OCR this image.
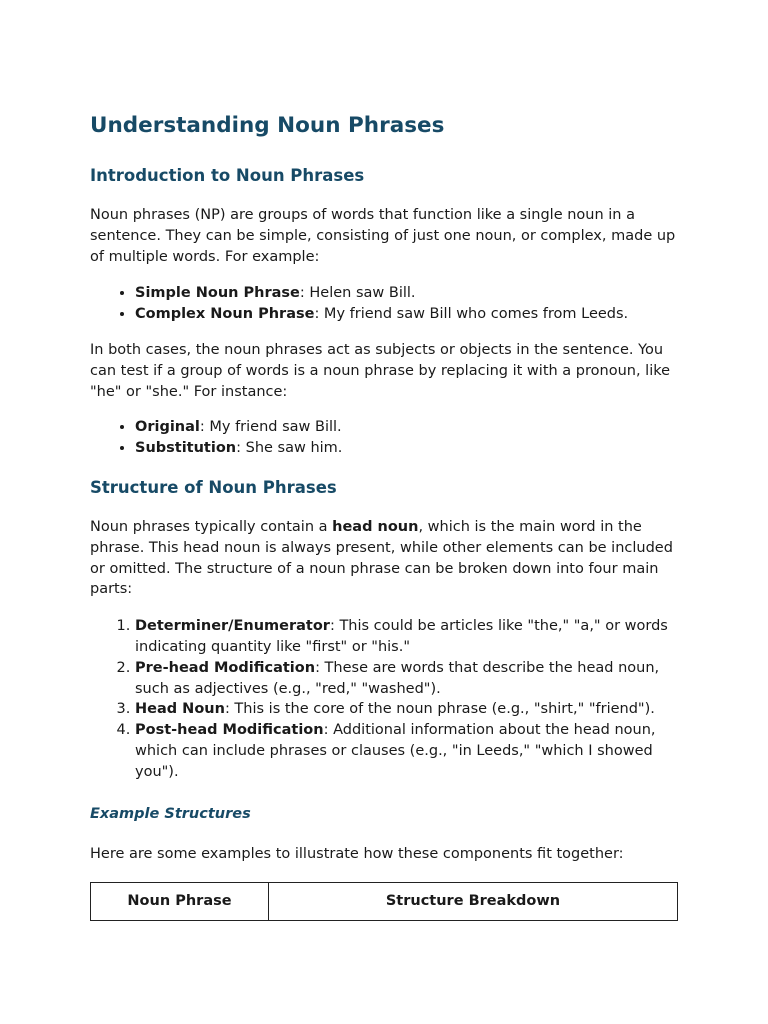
Understanding Noun Phrases
Introduction to Noun Phrases

Noun phrases (NP) are groups of words that function like a single noun in a sentence. They can be simple, consisting of just one noun, or complex, made up of multiple words. For example:

• Simple Noun Phrase: Helen saw Bill.
• Complex Noun Phrase: My friend saw Bill who comes from Leeds.

In both cases, the noun phrases act as subjects or objects in the sentence. You can test if a group of words is a noun phrase by replacing it with a pronoun, like "he" or "she." For instance:

• Original: My friend saw Bill.
• Substitution: She saw him.
Structure of Noun Phrases

Noun phrases typically contain a head noun, which is the main word in the phrase. This head noun is always present, while other elements can be included or omitted. The structure of a noun phrase can be broken down into four main parts:

1. Determiner/Enumerator: This could be articles like "the," "a," or words indicating quantity like "first" or "his."
2. Pre-head Modification: These are words that describe the head noun, such as adjectives (e.g., "red," "washed").
3. Head Noun: This is the core of the noun phrase (e.g., "shirt," "friend").
4. Post-head Modification: Additional information about the head noun, which can include phrases or clauses (e.g., "in Leeds," "which I showed you").
Example Structures

Here are some examples to illustrate how these components fit together:

Noun Phrase	Structure Breakdown
